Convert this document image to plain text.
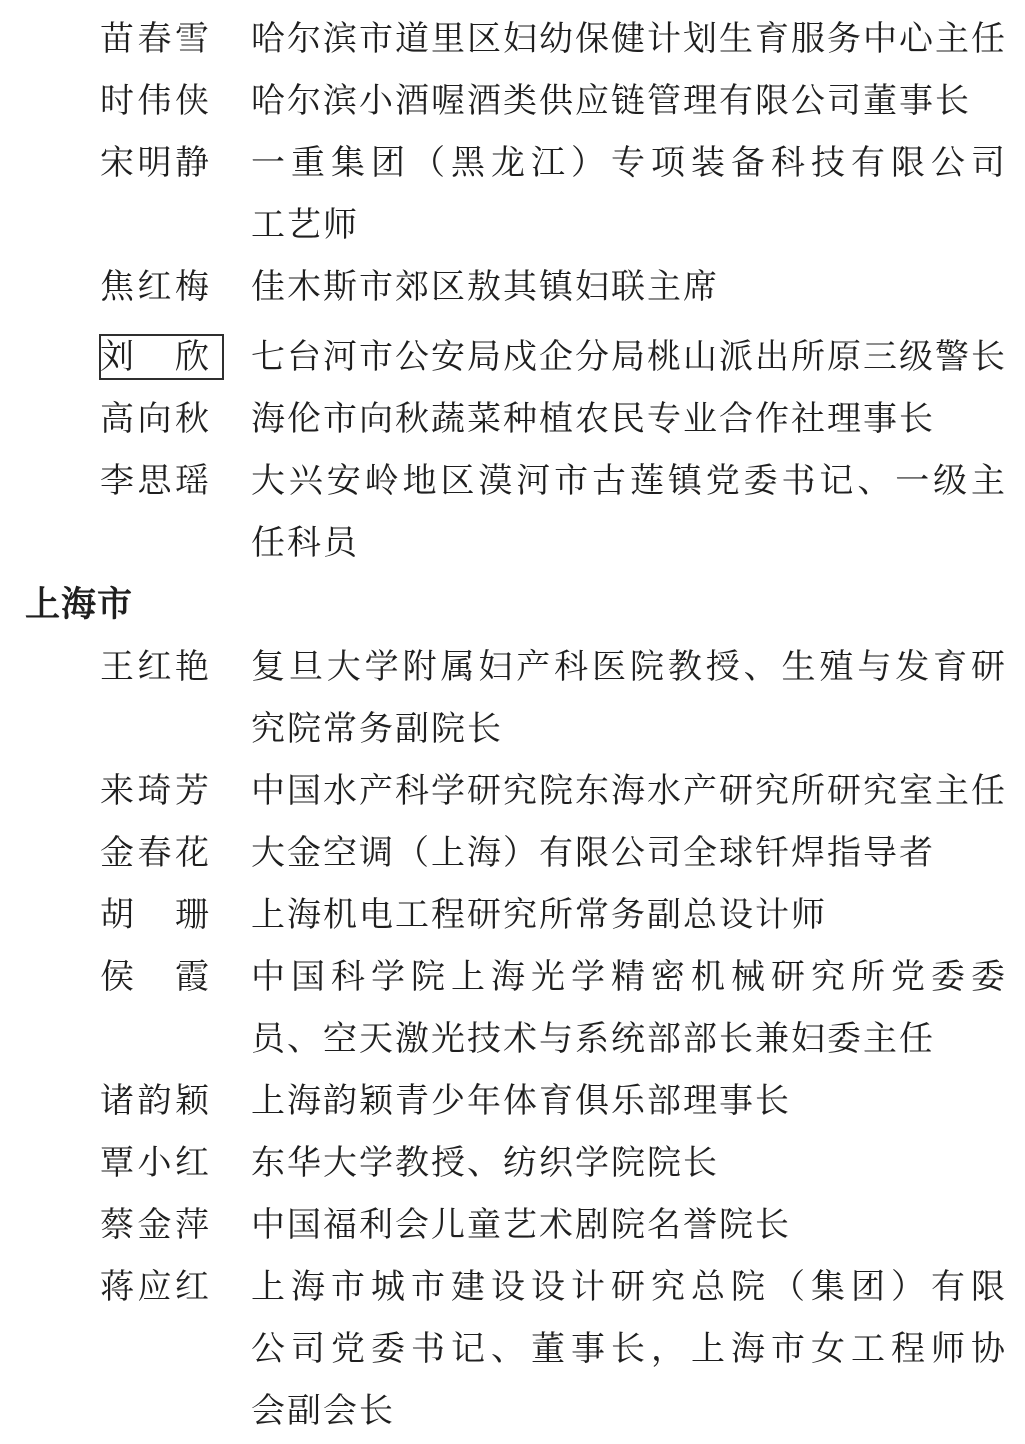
苗春雪 哈尔滨市道里区妇幼保健计划生育服务中心主任
时伟侠 哈尔滨小酒喔酒类供应链管理有限公司董事长
宋明静 一重集团（黑龙江）专项装备科技有限公司
工艺师
焦红梅 佳木斯市郊区敖其镇妇联主席
刘　欣 七台河市公安局戍企分局桃山派出所原三级警长
高向秋 海伦市向秋蔬菜种植农民专业合作社理事长
李思瑶 大兴安岭地区漠河市古莲镇党委书记、一级主
任科员
上海市
王红艳 复旦大学附属妇产科医院教授、生殖与发育研
究院常务副院长
来琦芳 中国水产科学研究院东海水产研究所研究室主任
金春花 大金空调（上海）有限公司全球钎焊指导者
胡　珊 上海机电工程研究所常务副总设计师
侯　霞 中国科学院上海光学精密机械研究所党委委
员、空天激光技术与系统部部长兼妇委主任
诸韵颖 上海韵颖青少年体育俱乐部理事长
覃小红 东华大学教授、纺织学院院长
蔡金萍 中国福利会儿童艺术剧院名誉院长
蒋应红 上海市城市建设设计研究总院（集团）有限
公司党委书记、董事长，上海市女工程师协
会副会长
